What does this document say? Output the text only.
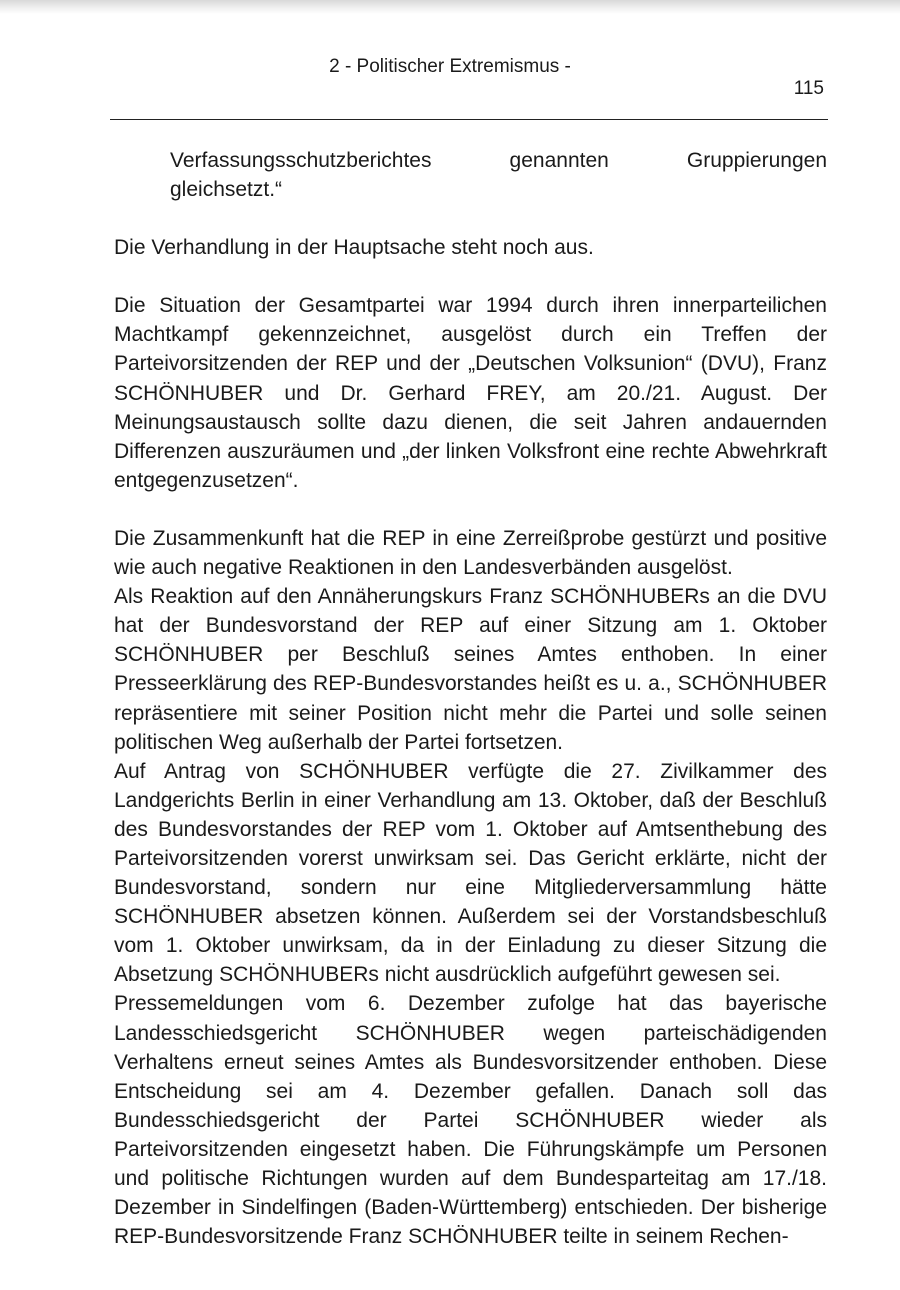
2 - Politischer Extremismus -
115
Verfassungsschutzberichtes genannten Gruppierungen
gleichsetzt.“

Die Verhandlung in der Hauptsache steht noch aus.

Die Situation der Gesamtpartei war 1994 durch ihren innerparteilichen Machtkampf gekennzeichnet, ausgelöst durch ein Treffen der Parteivorsitzenden der REP und der „Deutschen Volksunion“ (DVU), Franz SCHÖNHUBER und Dr. Gerhard FREY, am 20./21. August. Der Meinungsaustausch sollte dazu dienen, die seit Jahren andauernden Differenzen auszuräumen und „der linken Volksfront eine rechte Abwehrkraft entgegenzusetzen“.

Die Zusammenkunft hat die REP in eine Zerreißprobe gestürzt und positive wie auch negative Reaktionen in den Landesverbänden ausgelöst.

Als Reaktion auf den Annäherungskurs Franz SCHÖNHUBERs an die DVU hat der Bundesvorstand der REP auf einer Sitzung am 1. Oktober SCHÖNHUBER per Beschluß seines Amtes enthoben. In einer Presseerklärung des REP-Bundesvorstandes heißt es u. a., SCHÖNHUBER repräsentiere mit seiner Position nicht mehr die Partei und solle seinen politischen Weg außerhalb der Partei fortsetzen.

Auf Antrag von SCHÖNHUBER verfügte die 27. Zivilkammer des Landgerichts Berlin in einer Verhandlung am 13. Oktober, daß der Beschluß des Bundesvorstandes der REP vom 1. Oktober auf Amtsenthebung des Parteivorsitzenden vorerst unwirksam sei. Das Gericht erklärte, nicht der Bundesvorstand, sondern nur eine Mitgliederversammlung hätte SCHÖNHUBER absetzen können. Außerdem sei der Vorstandsbeschluß vom 1. Oktober unwirksam, da in der Einladung zu dieser Sitzung die Absetzung SCHÖNHUBERs nicht ausdrücklich aufgeführt gewesen sei.

Pressemeldungen vom 6. Dezember zufolge hat das bayerische Landesschiedsgericht SCHÖNHUBER wegen parteischädigenden Verhaltens erneut seines Amtes als Bundesvorsitzender enthoben. Diese Entscheidung sei am 4. Dezember gefallen. Danach soll das Bundesschiedsgericht der Partei SCHÖNHUBER wieder als Parteivorsitzenden eingesetzt haben. Die Führungskämpfe um Personen und politische Richtungen wurden auf dem Bundesparteitag am 17./18. Dezember in Sindelfingen (Baden-Württemberg) entschieden. Der bisherige REP-Bundesvorsitzende Franz SCHÖNHUBER teilte in seinem Rechen-
